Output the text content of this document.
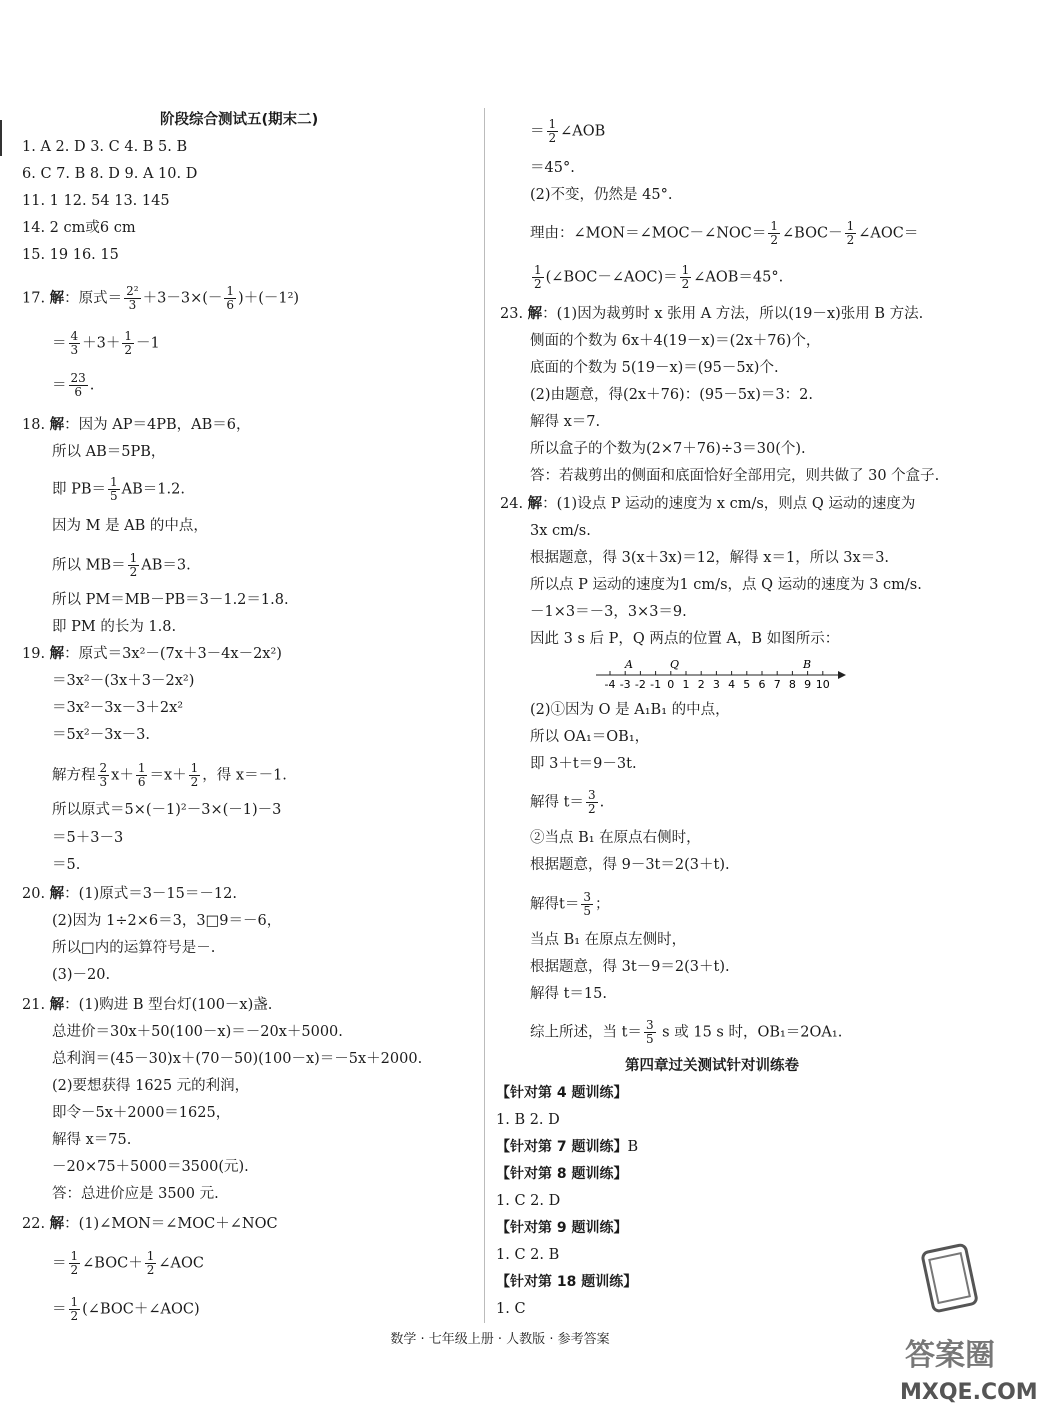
阶段综合测试五(期末二)
1. A 2. D 3. C 4. B 5. B
6. C 7. B 8. D 9. A 10. D
11. 1 12. 54 13. 145
14. 2 cm或6 cm
15. 19 16. 15
17. 解：原式＝ $\frac{\text{2²}}{3} +3-3\times(- \frac{1}{6} )+(-1^2)$
＝ $\frac{4}{3} +3+ \frac{1}{2} -1$
＝ $\frac{23}{6}$ .
18. 解：因为 AP＝4PB，AB＝6，
所以 AB＝5PB，
即 $PB= \frac{1}{5} AB=1.2$.
因为 M 是 AB 的中点，
所以 $MB= \frac{1}{2} AB=3$.
所以 PM＝MB－PB＝3－1.2＝1.8.
即 PM 的长为 1.8.
19. 解：原式＝3x²－(7x＋3－4x－2x²)
＝3x²－(3x＋3－2x²)
＝3x²－3x－3＋2x²
＝5x²－3x－3.
解方程 $\frac{2}{3} x+ \frac{1}{6} =x+ \frac{1}{2}$ ，得 x＝－1.
所以原式＝5×(－1)²－3×(－1)－3
＝5＋3－3
＝5.
20. 解：(1)原式＝3－15＝－12.
(2)因为 1÷2×6＝3，3□9＝－6，
所以□内的运算符号是－.
(3)－20.
21. 解：(1)购进 B 型台灯(100－x)盏.
总进价＝30x＋50(100－x)＝－20x＋5000.
总利润＝(45－30)x＋(70－50)(100－x)＝－5x＋2000.
(2)要想获得 1625 元的利润，
即令－5x＋2000＝1625，
解得 x＝75.
－20×75＋5000＝3500(元).
答：总进价应是 3500 元.
22. 解：(1)∠MON＝∠MOC＋∠NOC
＝ $\frac{1}{2}$ ∠BOC＋ $\frac{1}{2}$ ∠AOC
＝ $\frac{1}{2}$ (∠BOC＋∠AOC)
＝ $\frac{1}{2}$ ∠AOB
＝45°.
(2)不变，仍然是 45°.
理由：∠MON＝∠MOC－∠NOC＝ $\frac{1}{2}$ ∠BOC－ $\frac{1}{2}$ ∠AOC＝
$\frac{1}{2}$ (∠BOC－∠AOC)＝ $\frac{1}{2}$ ∠AOB＝45°.
23. 解：(1)因为裁剪时 x 张用 A 方法，所以(19－x)张用 B 方法.
侧面的个数为 6x＋4(19－x)＝(2x＋76)个，
底面的个数为 5(19－x)＝(95－5x)个.
(2)由题意，得(2x＋76)：(95－5x)＝3：2.
解得 x＝7.
所以盒子的个数为(2×7＋76)÷3＝30(个).
答：若裁剪出的侧面和底面恰好全部用完，则共做了 30 个盒子.
24. 解：(1)设点 P 运动的速度为 x cm/s，则点 Q 运动的速度为
3x cm/s.
根据题意，得 3(x＋3x)＝12，解得 x＝1，所以 3x＝3.
所以点 P 运动的速度为1 cm/s，点 Q 运动的速度为 3 cm/s.
－1×3＝－3，3×3＝9.
因此 3 s 后 P，Q 两点的位置 A，B 如图所示：
-4 -3 -2 -1 0 1 2 3 4 5 6 7 8 9 10
A	Q	B
(2)①因为 O 是 A₁B₁ 的中点，
所以 OA₁＝OB₁，
即 3＋t＝9－3t.
解得 $t= \frac{3}{2}$ .
②当点 B₁ 在原点右侧时，
根据题意，得 9－3t＝2(3＋t).
解得$t= \frac{3}{5}$ ；
当点 B₁ 在原点左侧时，
根据题意，得 3t－9＝2(3＋t).
解得 t＝15.
综上所述，当 $t= \frac{3}{5}$ s 或 15 s 时，OB₁＝2OA₁.
第四章过关测试针对训练卷
【针对第 4 题训练】
1. B 2. D
【针对第 7 题训练】B
【针对第 8 题训练】
1. C 2. D
【针对第 9 题训练】
1. C 2. B
【针对第 18 题训练】
1. C
数学 · 七年级上册 · 人教版 · 参考答案	答案圈
MXQE.COM
